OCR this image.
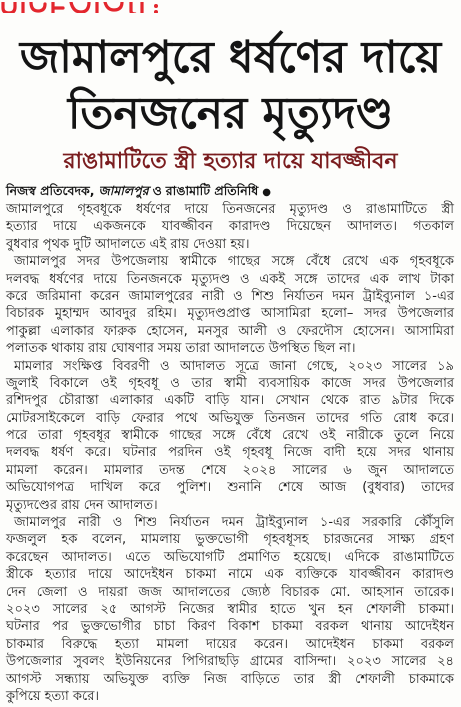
জামালপুরে ধর্ষণের দায়ে
তিনজনের মৃত্যুদণ্ড
রাঙামাটিতে স্ত্রী হত্যার দায়ে যাবজ্জীবন
নিজস্ব প্রতিবেদক, জামালপুর ও রাঙামাটি প্রতিনিধি ●
জামালপুরে গৃহবধূকে ধর্ষণের দায়ে তিনজনের মৃত্যুদণ্ড ও রাঙামাটিতে স্ত্রী
হত্যার দায়ে একজনকে যাবজ্জীবন কারাদণ্ড দিয়েছেন আদালত। গতকাল
বুধবার পৃথক দুটি আদালতে এই রায় দেওয়া হয়।
জামালপুর সদর উপজেলায় স্বামীকে গাছের সঙ্গে বেঁধে রেখে এক গৃহবধূকে
দলবদ্ধ ধর্ষণের দায়ে তিনজনকে মৃত্যুদণ্ড ও একই সঙ্গে তাদের এক লাখ টাকা
করে জরিমানা করেন জামালপুরের নারী ও শিশু নির্যাতন দমন ট্রাইব্যুনাল ১-এর
বিচারক মুহাম্মদ আবদুর রহিম। মৃত্যুদণ্ডপ্রাপ্ত আসামিরা হলো– সদর উপজেলার
পাকুল্লা এলাকার ফারুক হোসেন, মনসুর আলী ও ফেরদৌস হোসেন। আসামিরা
পলাতক থাকায় রায় ঘোষণার সময় তারা আদালতে উপস্থিত ছিল না।
মামলার সংক্ষিপ্ত বিবরণী ও আদালত সূত্রে জানা গেছে, ২০২৩ সালের ১৯
জুলাই বিকালে ওই গৃহবধূ ও তার স্বামী ব্যবসায়িক কাজে সদর উপজেলার
রশিদপুর চৌরাস্তা এলাকার একটি বাড়ি যান। সেখান থেকে রাত ৯টার দিকে
মোটরসাইকেলে বাড়ি ফেরার পথে অভিযুক্ত তিনজন তাদের গতি রোধ করে।
পরে তারা গৃহবধূর স্বামীকে গাছের সঙ্গে বেঁধে রেখে ওই নারীকে তুলে নিয়ে
দলবদ্ধ ধর্ষণ করে। ঘটনার পরদিন ওই গৃহবধূ নিজে বাদী হয়ে সদর থানায়
মামলা করেন। মামলার তদন্ত শেষে ২০২৪ সালের ৬ জুন আদালতে
অভিযোগপত্র দাখিল করে পুলিশ। শুনানি শেষে আজ (বুধবার) তাদের
মৃত্যুদণ্ডের রায় দেন আদালত।
জামালপুর নারী ও শিশু নির্যাতন দমন ট্রাইব্যুনাল ১-এর সরকারি কৌঁসুলি
ফজলুল হক বলেন, মামলায় ভুক্তভোগী গৃহবধূসহ চারজনের সাক্ষ্য গ্রহণ
করেছেন আদালত। এতে অভিযোগটি প্রমাণিত হয়েছে। এদিকে রাঙামাটিতে
স্ত্রীকে হত্যার দায়ে আদেইধন চাকমা নামে এক ব্যক্তিকে যাবজ্জীবন কারাদণ্ড
দেন জেলা ও দায়রা জজ আদালতের জ্যেষ্ঠ বিচারক মো. আহসান তারেক।
২০২৩ সালের ২৫ আগস্ট নিজের স্বামীর হাতে খুন হন শেফালী চাকমা।
ঘটনার পর ভুক্তভোগীর চাচা কিরণ বিকাশ চাকমা বরকল থানায় আদেইধন
চাকমার বিরুদ্ধে হত্যা মামলা দায়ের করেন। আদেইধন চাকমা বরকল
উপজেলার সুবলং ইউনিয়নের পিগিরাছড়ি গ্রামের বাসিন্দা। ২০২৩ সালের ২৪
আগস্ট সন্ধ্যায় অভিযুক্ত ব্যক্তি নিজ বাড়িতে তার স্ত্রী শেফালী চাকমাকে
কুপিয়ে হত্যা করে।
